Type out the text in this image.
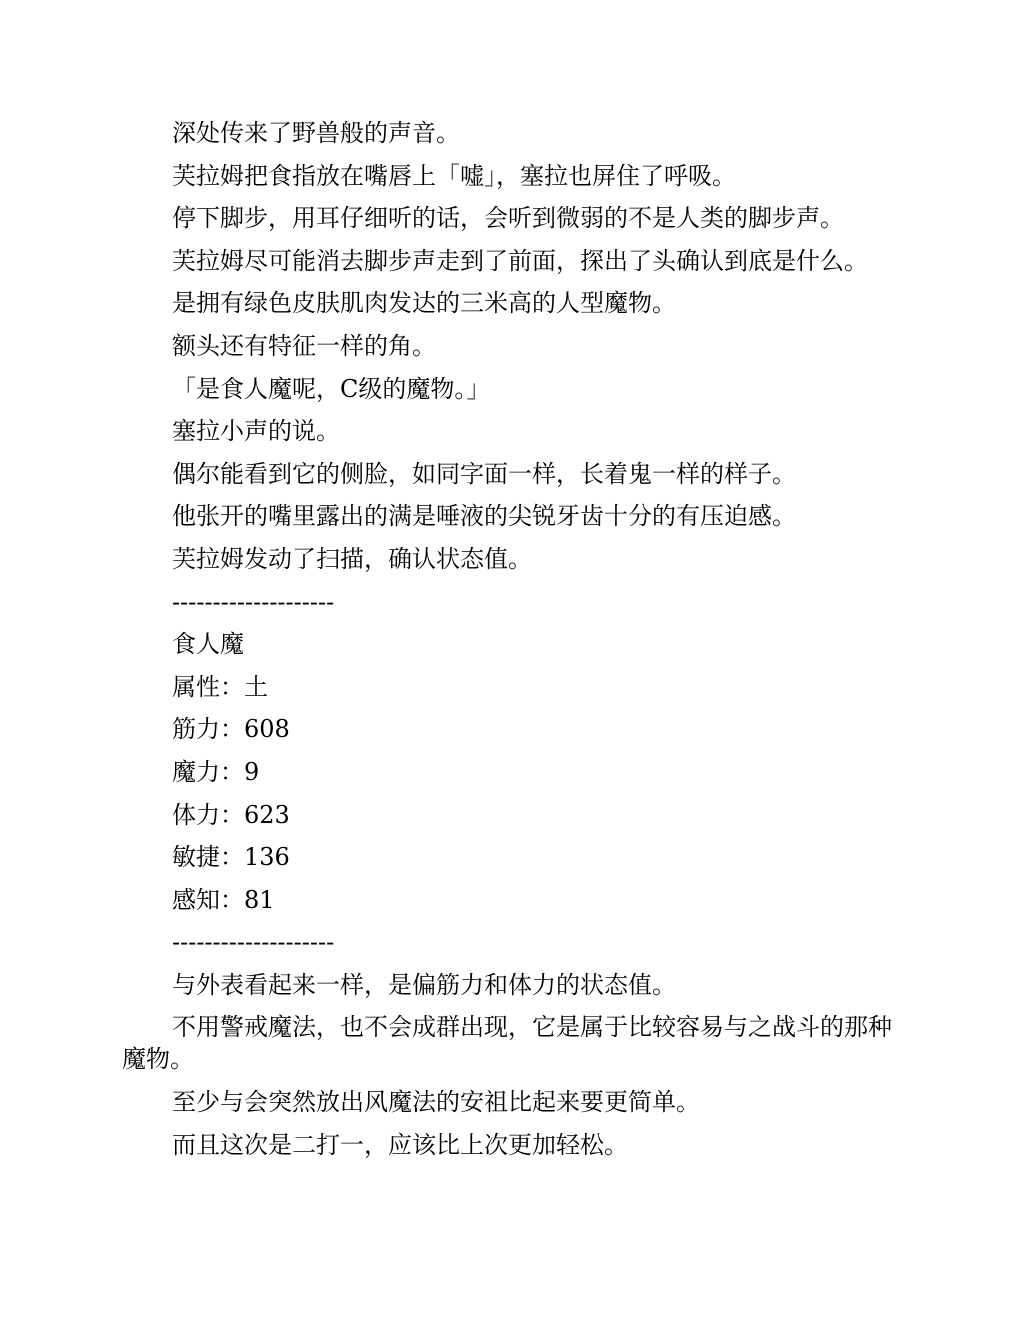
深处传来了野兽般的声音。

芙拉姆把食指放在嘴唇上「嘘」，塞拉也屏住了呼吸。

停下脚步，用耳仔细听的话，会听到微弱的不是人类的脚步声。

芙拉姆尽可能消去脚步声走到了前面，探出了头确认到底是什么。

是拥有绿色皮肤肌肉发达的三米高的人型魔物。

额头还有特征一样的角。

「是食人魔呢，C级的魔物。」

塞拉小声的说。

偶尔能看到它的侧脸，如同字面一样，长着鬼一样的样子。

他张开的嘴里露出的满是唾液的尖锐牙齿十分的有压迫感。

芙拉姆发动了扫描，确认状态值。

--------------------

食人魔

属性：土

筋力：608

魔力：9

体力：623

敏捷：136

感知：81

--------------------

与外表看起来一样，是偏筋力和体力的状态值。

不用警戒魔法，也不会成群出现，它是属于比较容易与之战斗的那种魔物。

至少与会突然放出风魔法的安祖比起来要更简单。

而且这次是二打一，应该比上次更加轻松。
